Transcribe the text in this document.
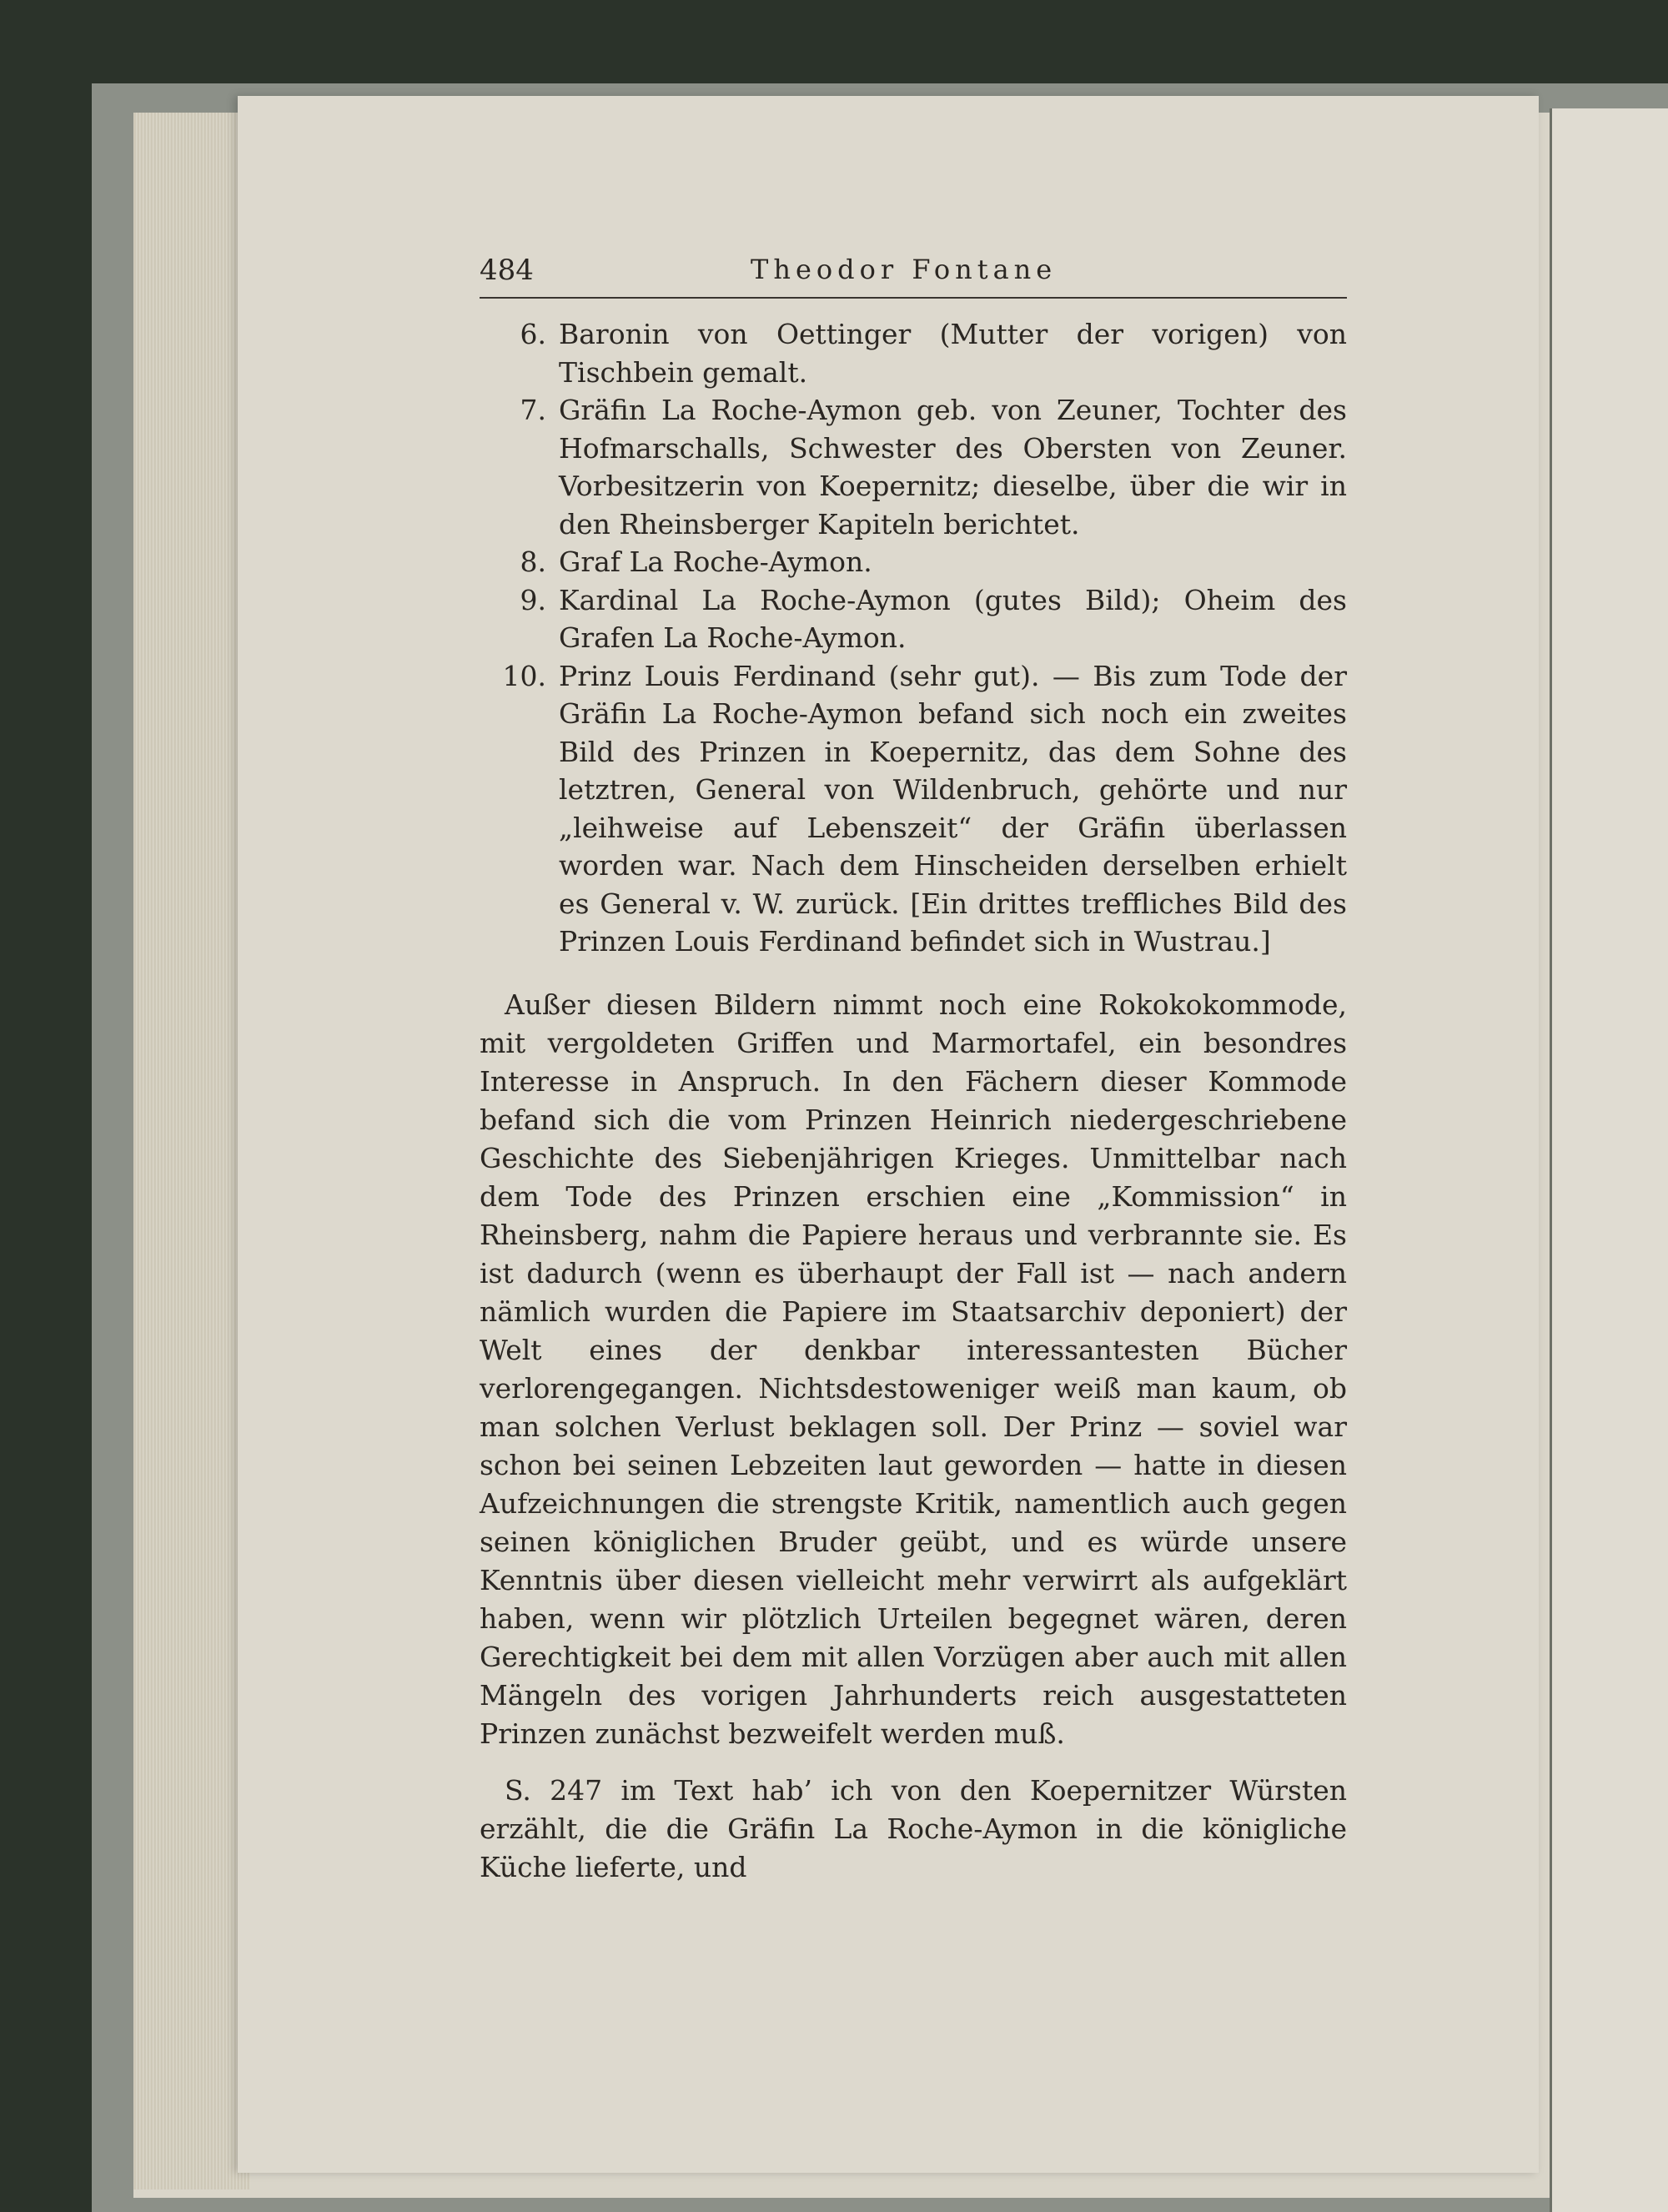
484	Theodor Fontane
6. Baronin von Oettinger (Mutter der vorigen) von Tischbein gemalt.
7. Gräfin La Roche-Aymon geb. von Zeuner, Tochter des Hofmarschalls, Schwester des Obersten von Zeuner. Vorbesitzerin von Koepernitz; dieselbe, über die wir in den Rheinsberger Kapiteln berichtet.
8. Graf La Roche-Aymon.
9. Kardinal La Roche-Aymon (gutes Bild); Oheim des Grafen La Roche-Aymon.
10. Prinz Louis Ferdinand (sehr gut). — Bis zum Tode der Gräfin La Roche-Aymon befand sich noch ein zweites Bild des Prinzen in Koepernitz, das dem Sohne des letztren, General von Wildenbruch, gehörte und nur „leihweise auf Lebenszeit“ der Gräfin überlassen worden war. Nach dem Hinscheiden derselben erhielt es General v. W. zurück. [Ein drittes treffliches Bild des Prinzen Louis Ferdinand befindet sich in Wustrau.]

Außer diesen Bildern nimmt noch eine Rokokokommode, mit vergoldeten Griffen und Marmortafel, ein besondres Interesse in Anspruch. In den Fächern dieser Kommode befand sich die vom Prinzen Heinrich niedergeschriebene Geschichte des Siebenjährigen Krieges. Unmittelbar nach dem Tode des Prinzen erschien eine „Kommission“ in Rheinsberg, nahm die Papiere heraus und verbrannte sie. Es ist dadurch (wenn es überhaupt der Fall ist — nach andern nämlich wurden die Papiere im Staatsarchiv deponiert) der Welt eines der denkbar interessantesten Bücher verlorengegangen. Nichtsdestoweniger weiß man kaum, ob man solchen Verlust beklagen soll. Der Prinz — soviel war schon bei seinen Lebzeiten laut geworden — hatte in diesen Aufzeichnungen die strengste Kritik, namentlich auch gegen seinen königlichen Bruder geübt, und es würde unsere Kenntnis über diesen vielleicht mehr verwirrt als aufgeklärt haben, wenn wir plötzlich Urteilen begegnet wären, deren Gerechtigkeit bei dem mit allen Vorzügen aber auch mit allen Mängeln des vorigen Jahrhunderts reich ausgestatteten Prinzen zunächst bezweifelt werden muß.

S. 247 im Text hab’ ich von den Koepernitzer Würsten erzählt, die die Gräfin La Roche-Aymon in die königliche Küche lieferte, und
